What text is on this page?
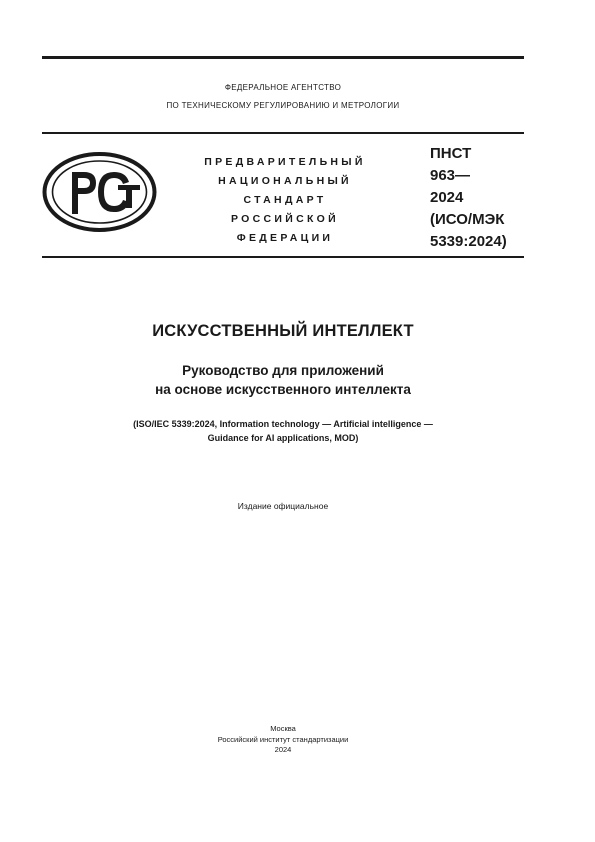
ФЕДЕРАЛЬНОЕ АГЕНТСТВО
ПО ТЕХНИЧЕСКОМУ РЕГУЛИРОВАНИЮ И МЕТРОЛОГИИ
ПРЕДВАРИТЕЛЬНЫЙ
НАЦИОНАЛЬНЫЙ
СТАНДАРТ
РОССИЙСКОЙ
ФЕДЕРАЦИИ
ПНСТ
963—
2024
(ИСО/МЭК
5339:2024)
ИСКУССТВЕННЫЙ ИНТЕЛЛЕКТ
Руководство для приложений
на основе искусственного интеллекта
(ISO/IEC 5339:2024, Information technology — Artificial intelligence —
Guidance for AI applications, MOD)
Издание официальное
Москва
Российский институт стандартизации
2024
